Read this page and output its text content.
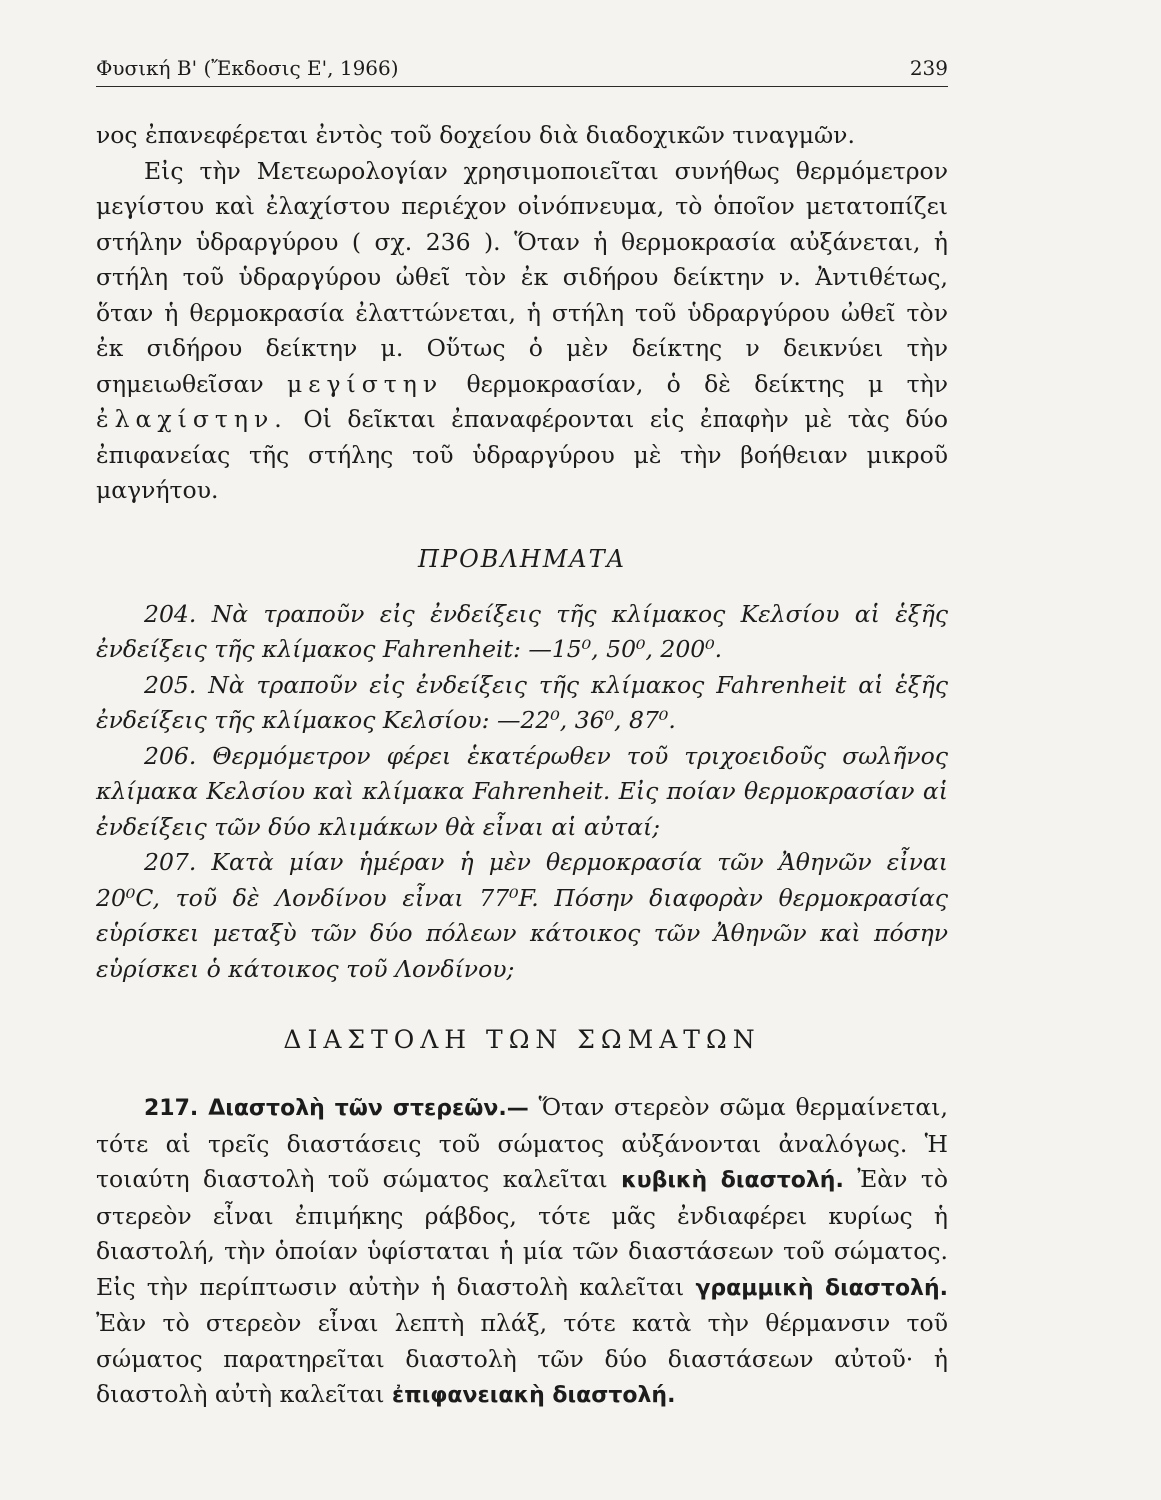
Φυσική Β' (Ἔκδοσις Ε', 1966)	239

νος ἐπανεφέρεται ἐντὸς τοῦ δοχείου διὰ διαδοχικῶν τιναγμῶν.

Εἰς τὴν Μετεωρολογίαν χρησιμοποιεῖται συνήθως θερμόμετρον μεγίστου καὶ ἐλαχίστου περιέχον οἰνόπνευμα, τὸ ὁποῖον μετατοπίζει στήλην ὑδραργύρου ( σχ. 236 ). Ὅταν ἡ θερμοκρασία αὐξάνεται, ἡ στήλη τοῦ ὑδραργύρου ὠθεῖ τὸν ἐκ σιδήρου δείκτην ν. Ἀντιθέτως, ὅταν ἡ θερμοκρασία ἐλαττώνεται, ἡ στήλη τοῦ ὑδραργύρου ὠθεῖ τὸν ἐκ σιδήρου δείκτην μ. Οὕτως ὁ μὲν δείκτης ν δεικνύει τὴν σημειωθεῖσαν μεγίστην θερμοκρασίαν, ὁ δὲ δείκτης μ τὴν ἐλαχίστην. Οἱ δεῖκται ἐπαναφέρονται εἰς ἐπαφὴν μὲ τὰς δύο ἐπιφανείας τῆς στήλης τοῦ ὑδραργύρου μὲ τὴν βοήθειαν μικροῦ μαγνήτου.

ΠΡΟΒΛΗΜΑΤΑ

204. Νὰ τραποῦν εἰς ἐνδείξεις τῆς κλίμακος Κελσίου αἱ ἑξῆς ἐνδείξεις τῆς κλίμακος Fahrenheit: —15⁰, 50⁰, 200⁰.

205. Νὰ τραποῦν εἰς ἐνδείξεις τῆς κλίμακος Fahrenheit αἱ ἑξῆς ἐνδείξεις τῆς κλίμακος Κελσίου: —22⁰, 36⁰, 87⁰.

206. Θερμόμετρον φέρει ἑκατέρωθεν τοῦ τριχοειδοῦς σωλῆνος κλίμακα Κελσίου καὶ κλίμακα Fahrenheit. Εἰς ποίαν θερμοκρασίαν αἱ ἐνδείξεις τῶν δύο κλιμάκων θὰ εἶναι αἱ αὐταί;

207. Κατὰ μίαν ἡμέραν ἡ μὲν θερμοκρασία τῶν Ἀθηνῶν εἶναι 20⁰C, τοῦ δὲ Λονδίνου εἶναι 77⁰F. Πόσην διαφορὰν θερμοκρασίας εὑρίσκει μεταξὺ τῶν δύο πόλεων κάτοικος τῶν Ἀθηνῶν καὶ πόσην εὑρίσκει ὁ κάτοικος τοῦ Λονδίνου;

ΔΙΑΣΤΟΛΗ ΤΩΝ ΣΩΜΑΤΩΝ

217. Διαστολὴ τῶν στερεῶν.— Ὅταν στερεὸν σῶμα θερμαίνεται, τότε αἱ τρεῖς διαστάσεις τοῦ σώματος αὐξάνονται ἀναλόγως. Ἡ τοιαύτη διαστολὴ τοῦ σώματος καλεῖται κυβικὴ διαστολή. Ἐὰν τὸ στερεὸν εἶναι ἐπιμήκης ράβδος, τότε μᾶς ἐνδιαφέρει κυρίως ἡ διαστολή, τὴν ὁποίαν ὑφίσταται ἡ μία τῶν διαστάσεων τοῦ σώματος. Εἰς τὴν περίπτωσιν αὐτὴν ἡ διαστολὴ καλεῖται γραμμικὴ διαστολή. Ἐὰν τὸ στερεὸν εἶναι λεπτὴ πλάξ, τότε κατὰ τὴν θέρμανσιν τοῦ σώματος παρατηρεῖται διαστολὴ τῶν δύο διαστάσεων αὐτοῦ· ἡ διαστολὴ αὐτὴ καλεῖται ἐπιφανειακὴ διαστολή.
